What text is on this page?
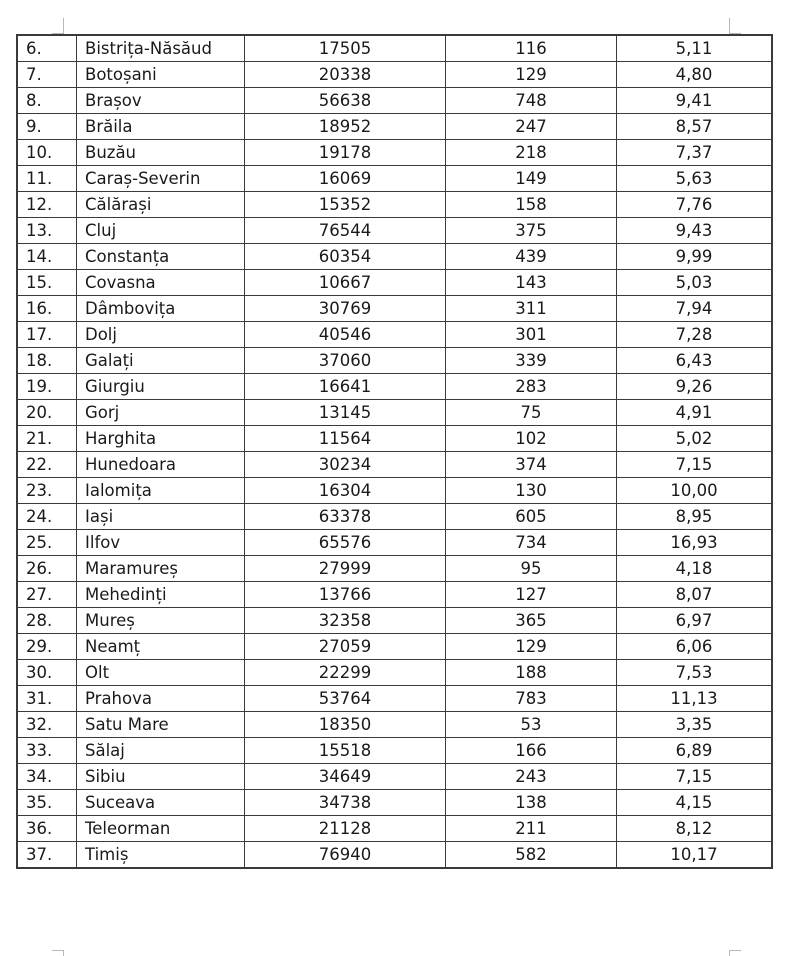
6.	Bistrița-Năsăud	17505	116	5,11
7.	Botoșani	20338	129	4,80
8.	Brașov	56638	748	9,41
9.	Brăila	18952	247	8,57
10.	Buzău	19178	218	7,37
11.	Caraș-Severin	16069	149	5,63
12.	Călărași	15352	158	7,76
13.	Cluj	76544	375	9,43
14.	Constanța	60354	439	9,99
15.	Covasna	10667	143	5,03
16.	Dâmbovița	30769	311	7,94
17.	Dolj	40546	301	7,28
18.	Galați	37060	339	6,43
19.	Giurgiu	16641	283	9,26
20.	Gorj	13145	75	4,91
21.	Harghita	11564	102	5,02
22.	Hunedoara	30234	374	7,15
23.	Ialomița	16304	130	10,00
24.	Iași	63378	605	8,95
25.	Ilfov	65576	734	16,93
26.	Maramureș	27999	95	4,18
27.	Mehedinți	13766	127	8,07
28.	Mureș	32358	365	6,97
29.	Neamț	27059	129	6,06
30.	Olt	22299	188	7,53
31.	Prahova	53764	783	11,13
32.	Satu Mare	18350	53	3,35
33.	Sălaj	15518	166	6,89
34.	Sibiu	34649	243	7,15
35.	Suceava	34738	138	4,15
36.	Teleorman	21128	211	8,12
37.	Timiș	76940	582	10,17
